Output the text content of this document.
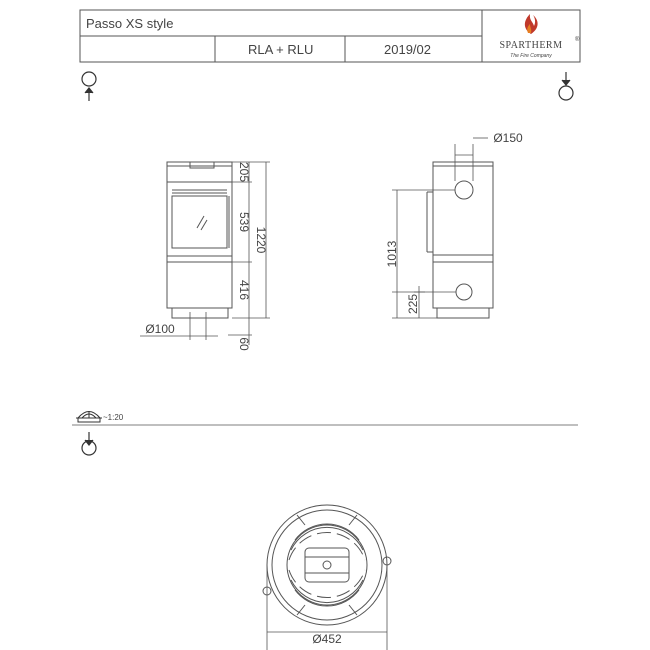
Passo XS style
RLA + RLU	2019/02	SPARTHERM ®
The Fire Company
205
539
416
1220
60
Ø100
Ø150
1013
225
~1:20
Ø452
